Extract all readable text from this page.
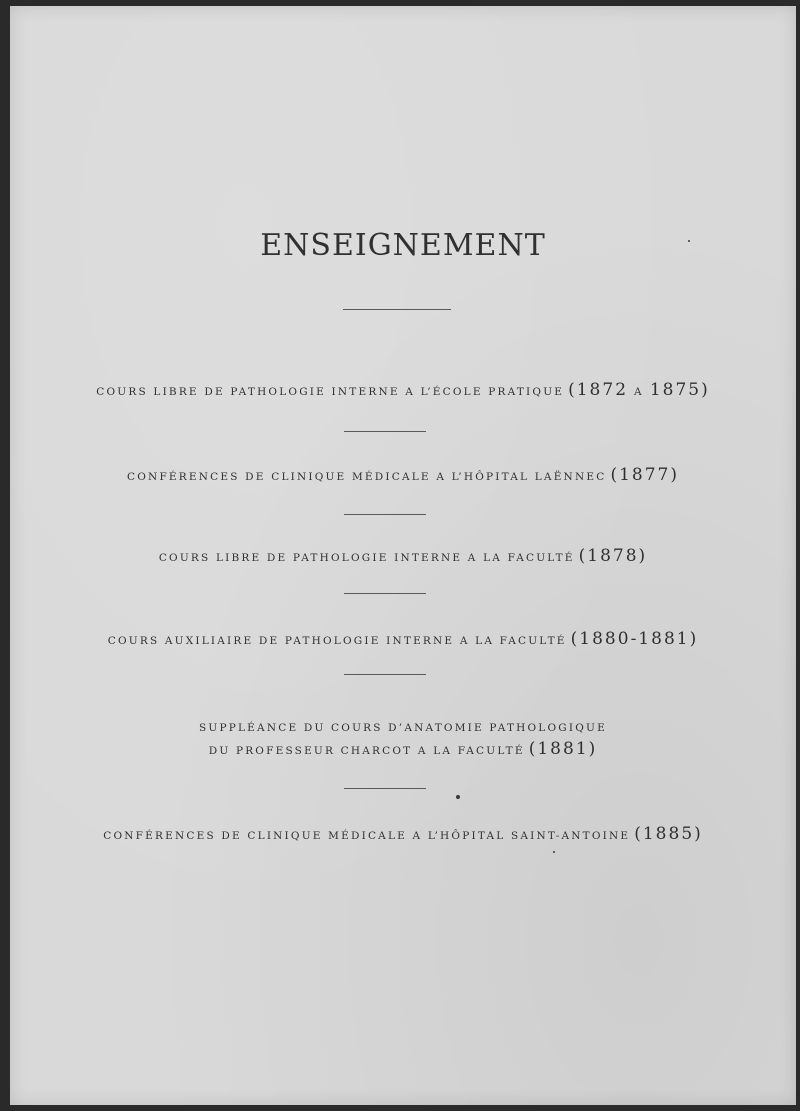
ENSEIGNEMENT
COURS LIBRE DE PATHOLOGIE INTERNE A L’ÉCOLE PRATIQUE (1872 A 1875)
CONFÉRENCES DE CLINIQUE MÉDICALE A L’HÔPITAL LAËNNEC (1877)
COURS LIBRE DE PATHOLOGIE INTERNE A LA FACULTÉ (1878)
COURS AUXILIAIRE DE PATHOLOGIE INTERNE A LA FACULTÉ (1880-1881)
SUPPLÉANCE DU COURS D’ANATOMIE PATHOLOGIQUE
DU PROFESSEUR CHARCOT A LA FACULTÉ (1881)
CONFÉRENCES DE CLINIQUE MÉDICALE A L’HÔPITAL SAINT-ANTOINE (1885)
